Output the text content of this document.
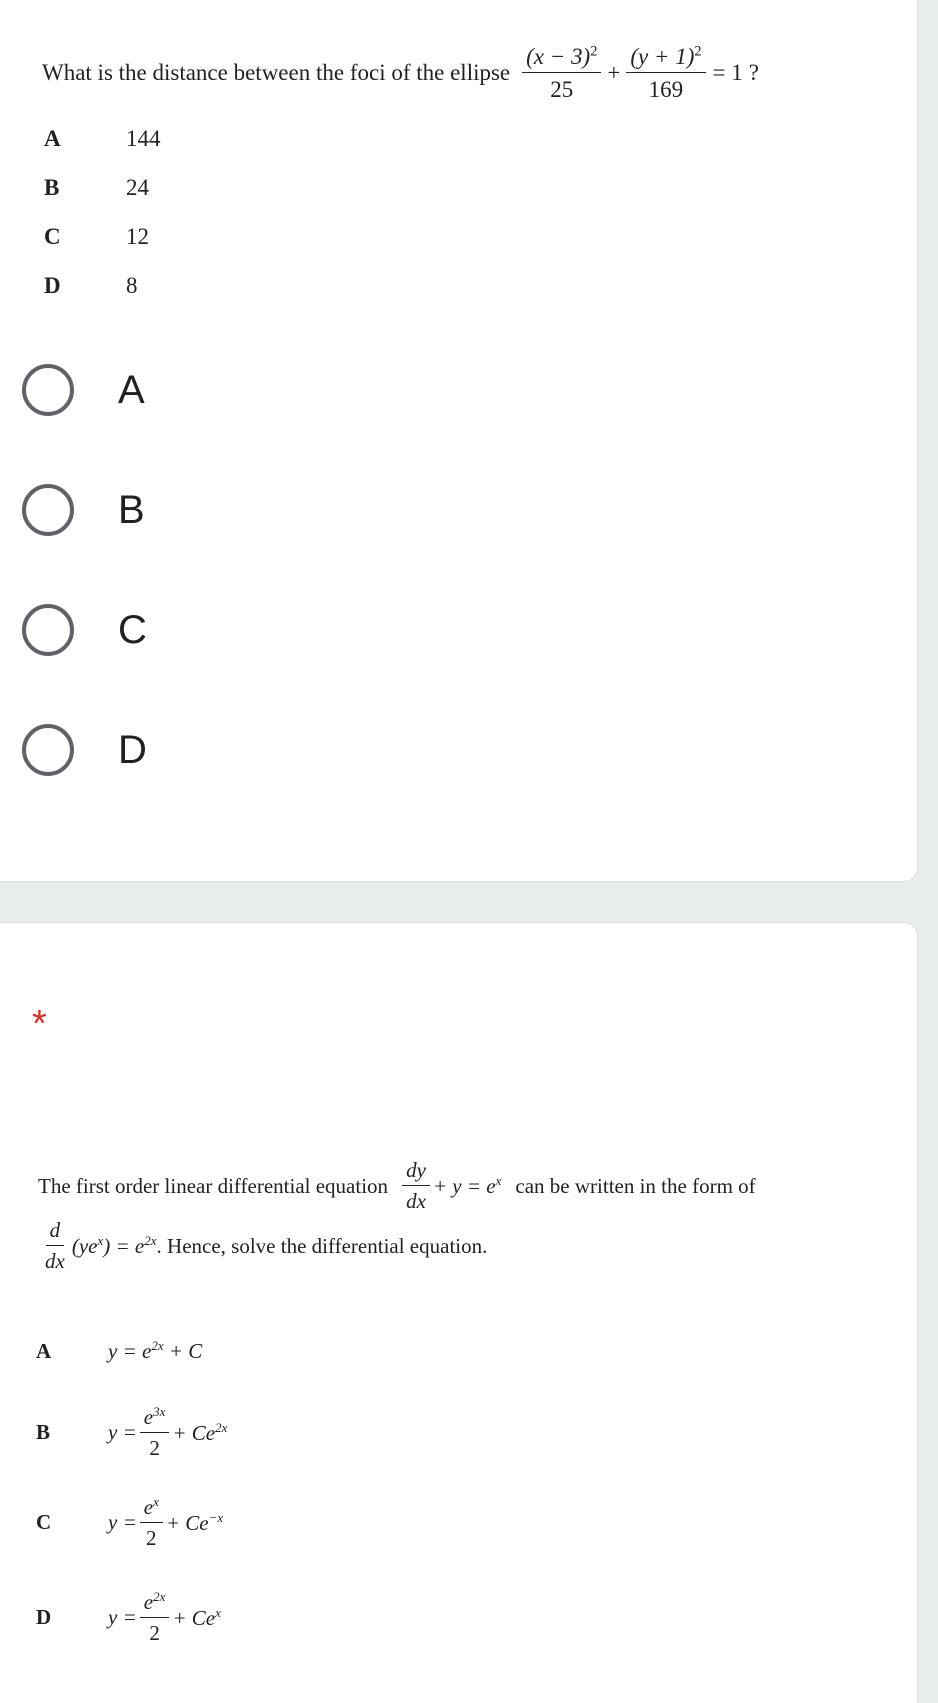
What is the distance between the foci of the ellipse $\frac{(x - 3)^2}{25} + \frac{(y + 1)^2}{169} = 1$ ?
A	144
B	24
C	12
D	8
A
B
C
D
*
The first order linear differential equation $\frac{dy}{dx} + y = e^x$ can be written in the form of
$\frac{d}{dx} (ye^x) = e^{2x}$ . Hence, solve the differential equation.
A	$y = e^{2x} + C$
B	$y = \frac{e^{3x}}{2} + Ce^{2x}$
C	$y = \frac{e^x}{2} + Ce^{-x}$
D	$y = \frac{e^{2x}}{2} + Ce^x$
